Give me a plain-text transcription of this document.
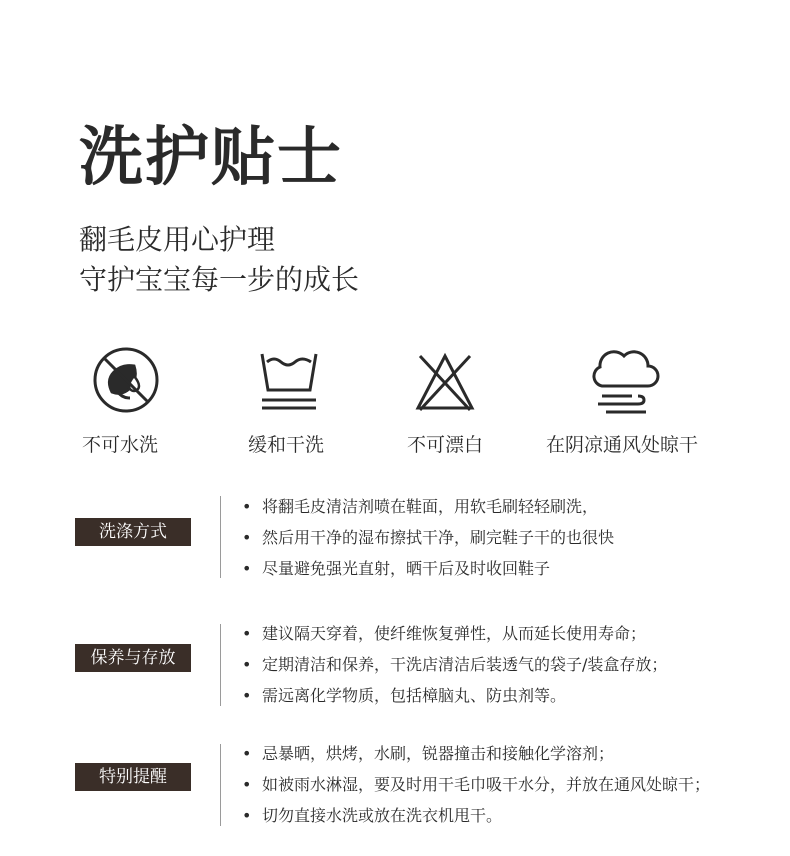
洗护贴士
翻毛皮用心护理
守护宝宝每一步的成长
不可水洗	缓和干洗	不可漂白	在阴凉通风处晾干
洗涤方式
• 将翻毛皮清洁剂喷在鞋面，用软毛刷轻轻刷洗，
• 然后用干净的湿布擦拭干净，刷完鞋子干的也很快
• 尽量避免强光直射，晒干后及时收回鞋子
保养与存放
• 建议隔天穿着，使纤维恢复弹性，从而延长使用寿命；
• 定期清洁和保养，干洗店清洁后装透气的袋子/装盒存放；
• 需远离化学物质，包括樟脑丸、防虫剂等。
特别提醒
• 忌暴晒，烘烤，水刷，锐器撞击和接触化学溶剂；
• 如被雨水淋湿，要及时用干毛巾吸干水分，并放在通风处晾干；
• 切勿直接水洗或放在洗衣机甩干。
